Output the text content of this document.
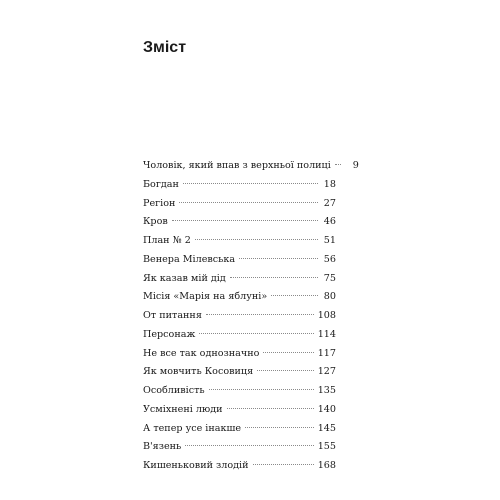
Зміст
Чоловік, який впав з верхньої полиці	9
Богдан	18
Регіон	27
Кров	46
План № 2	51
Венера Мілевська	56
Як казав мій дід	75
Місія «Марія на яблуні»	80
От питання	108
Персонаж	114
Не все так однозначно	117
Як мовчить Косовиця	127
Особливість	135
Усміхнені люди	140
А тепер усе інакше	145
В'язень	155
Кишеньковий злодій	168
